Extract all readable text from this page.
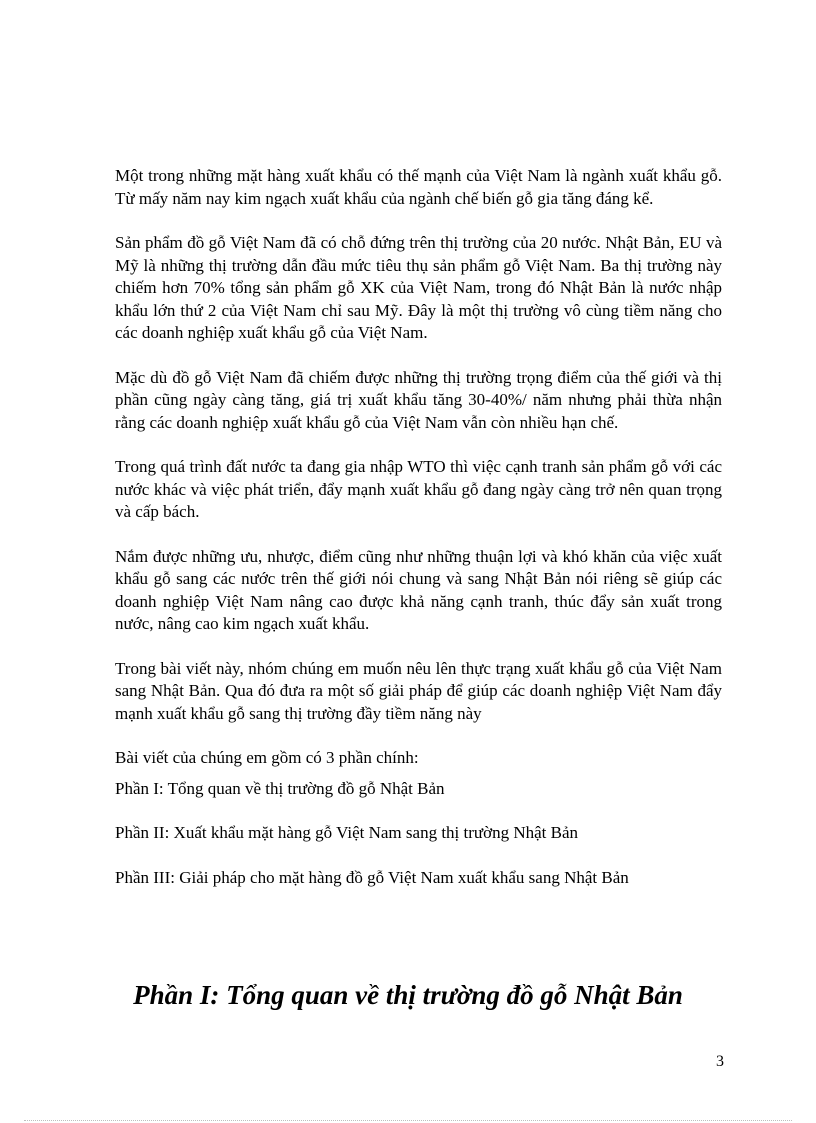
Một trong những mặt hàng xuất khẩu có thế mạnh của Việt Nam là ngành xuất khẩu gỗ. Từ mấy năm nay kim ngạch xuất khẩu của ngành chế biến gỗ gia tăng đáng kể.

Sản phẩm đồ gỗ Việt Nam đã có chỗ đứng trên thị trường của 20 nước. Nhật Bản, EU và Mỹ là những thị trường dẫn đầu mức tiêu thụ sản phẩm gỗ Việt Nam. Ba thị trường này chiếm hơn 70% tổng sản phẩm gỗ XK của Việt Nam, trong đó Nhật Bản là nước nhập khẩu lớn thứ 2 của Việt Nam chỉ sau Mỹ. Đây là một thị trường vô cùng tiềm năng cho các doanh nghiệp xuất khẩu gỗ của Việt Nam.

Mặc dù đồ gỗ Việt Nam đã chiếm được những thị trường trọng điểm của thế giới và thị phần cũng ngày càng tăng, giá trị xuất khẩu tăng 30-40%/ năm nhưng phải thừa nhận rằng các doanh nghiệp xuất khẩu gỗ của Việt Nam vẫn còn nhiều hạn chế.

Trong quá trình đất nước ta đang gia nhập WTO thì việc cạnh tranh sản phẩm gỗ với các nước khác và việc phát triển, đẩy mạnh xuất khẩu gỗ đang ngày càng trở nên quan trọng và cấp bách.

Nắm được những ưu, nhược, điểm cũng như những thuận lợi và khó khăn của việc xuất khẩu gỗ sang các nước trên thế giới nói chung và sang Nhật Bản nói riêng sẽ giúp các doanh nghiệp Việt Nam nâng cao được khả năng cạnh tranh, thúc đẩy sản xuất trong nước, nâng cao kim ngạch xuất khẩu.

Trong bài viết này, nhóm chúng em muốn nêu lên thực trạng xuất khẩu gỗ của Việt Nam sang Nhật Bản. Qua đó đưa ra một số giải pháp để giúp các doanh nghiệp Việt Nam đẩy mạnh xuất khẩu gỗ sang thị trường đầy tiềm năng này

Bài viết của chúng em gồm có 3 phần chính:

Phần I: Tổng quan về thị trường đồ gỗ Nhật Bản

Phần II: Xuất khẩu mặt hàng gỗ Việt Nam sang thị trường Nhật Bản

Phần III: Giải pháp cho mặt hàng đồ gỗ Việt Nam xuất khẩu sang Nhật Bản

Phần I: Tổng quan về thị trường đồ gỗ Nhật Bản
3
